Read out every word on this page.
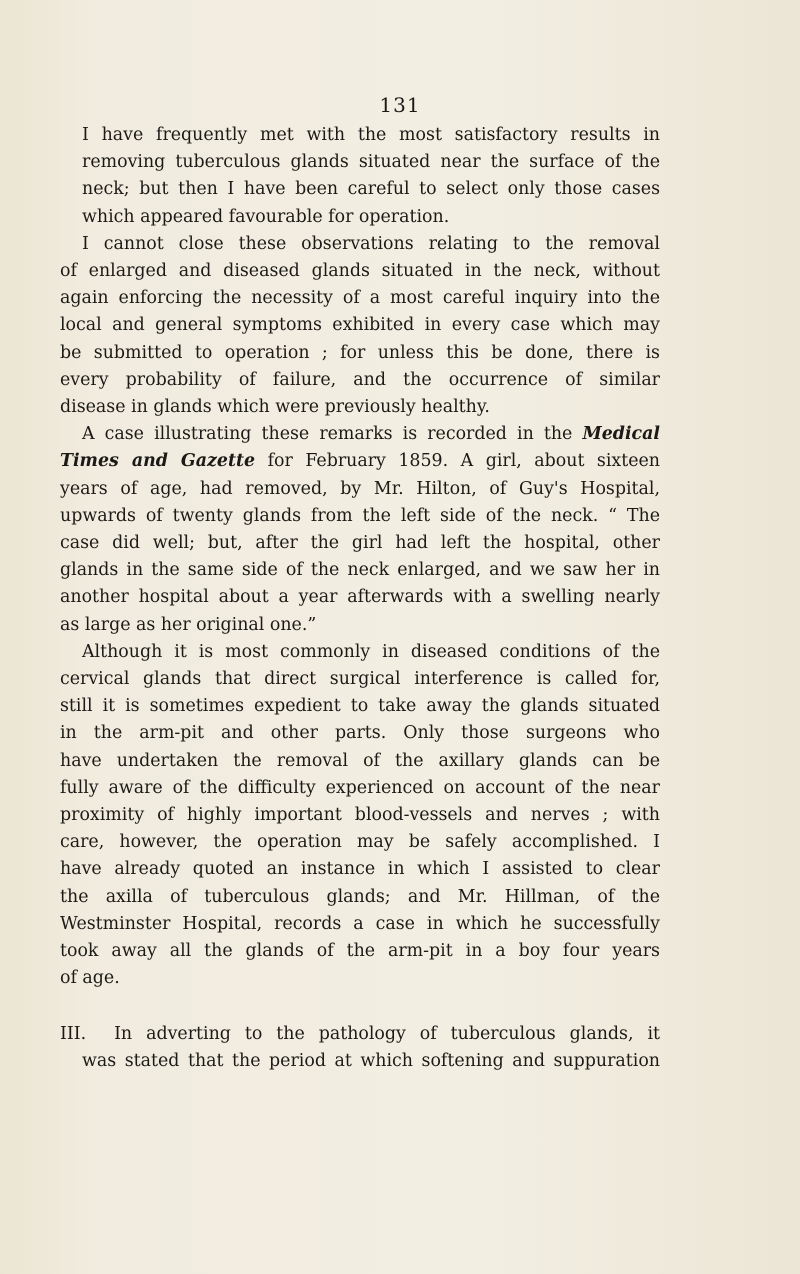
131

I have frequently met with the most satisfactory results in
removing tuberculous glands situated near the surface of the
neck; but then I have been careful to select only those cases
which appeared favourable for operation.

I cannot close these observations relating to the removal
of enlarged and diseased glands situated in the neck, without
again enforcing the necessity of a most careful inquiry into the
local and general symptoms exhibited in every case which may
be submitted to operation ; for unless this be done, there is
every probability of failure, and the occurrence of similar
disease in glands which were previously healthy.

A case illustrating these remarks is recorded in the Medical
Times and Gazette for February 1859. A girl, about sixteen
years of age, had removed, by Mr. Hilton, of Guy's Hospital,
upwards of twenty glands from the left side of the neck. “ The
case did well; but, after the girl had left the hospital, other
glands in the same side of the neck enlarged, and we saw her in
another hospital about a year afterwards with a swelling nearly
as large as her original one.”

Although it is most commonly in diseased conditions of the
cervical glands that direct surgical interference is called for,
still it is sometimes expedient to take away the glands situated
in the arm-pit and other parts. Only those surgeons who
have undertaken the removal of the axillary glands can be
fully aware of the difficulty experienced on account of the near
proximity of highly important blood-vessels and nerves ; with
care, however, the operation may be safely accomplished. I
have already quoted an instance in which I assisted to clear
the axilla of tuberculous glands; and Mr. Hillman, of the
Westminster Hospital, records a case in which he successfully
took away all the glands of the arm-pit in a boy four years
of age.

III. In adverting to the pathology of tuberculous glands, it
was stated that the period at which softening and suppuration
